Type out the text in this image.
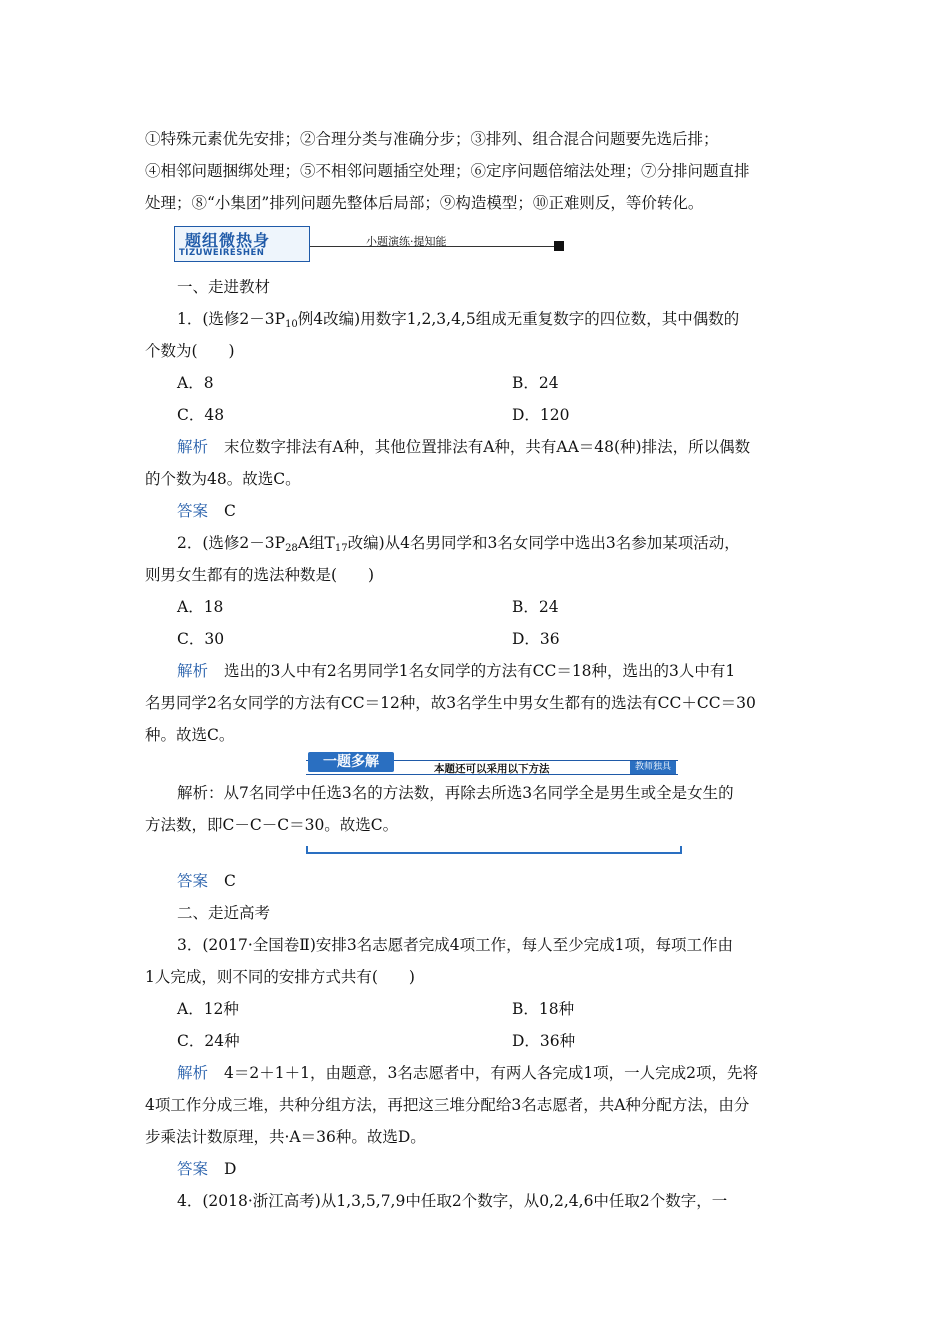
①特殊元素优先安排；②合理分类与准确分步；③排列、组合混合问题要先选后排；
④相邻问题捆绑处理；⑤不相邻问题插空处理；⑥定序问题倍缩法处理；⑦分排问题直排
处理；⑧“小集团”排列问题先整体后局部；⑨构造模型；⑩正难则反，等价转化。
题组微热身
TIZUWEIRESHEN
小题演练·提知能
一、走进教材
1．(选修$2-3P_{10}$例4改编)用数字1,2,3,4,5组成无重复数字的四位数，其中偶数的
个数为(　　)
A．8	B．24
C．48	D．120
解析 末位数字排法有A种，其他位置排法有A种，共有AA＝48(种)排法，所以偶数
的个数为48。故选C。
答案 C
2．(选修$2-3P_{28}A$组$T_{17}$改编)从4名男同学和3名女同学中选出3名参加某项活动，
则男女生都有的选法种数是(　　)
A．18	B．24
C．30	D．36
解析 选出的3人中有2名男同学1名女同学的方法有CC＝18种，选出的3人中有1
名男同学2名女同学的方法有CC＝12种，故3名学生中男女生都有的选法有CC＋CC＝30
种。故选C。
一题多解	本题还可以采用以下方法	教师独具
解析：从7名同学中任选3名的方法数，再除去所选3名同学全是男生或全是女生的
方法数，即C－C－C＝30。故选C。
答案 C
二、走近高考
3．(2017·全国卷Ⅱ)安排3名志愿者完成4项工作，每人至少完成1项，每项工作由
1人完成，则不同的安排方式共有(　　)
A．12种	B．18种
C．24种	D．36种
解析 4＝2＋1＋1，由题意，3名志愿者中，有两人各完成1项，一人完成2项，先将
4项工作分成三堆，共种分组方法，再把这三堆分配给3名志愿者，共A种分配方法，由分
步乘法计数原理，共·A＝36种。故选D。
答案 D
4．(2018·浙江高考)从1,3,5,7,9中任取2个数字，从0,2,4,6中任取2个数字，一
